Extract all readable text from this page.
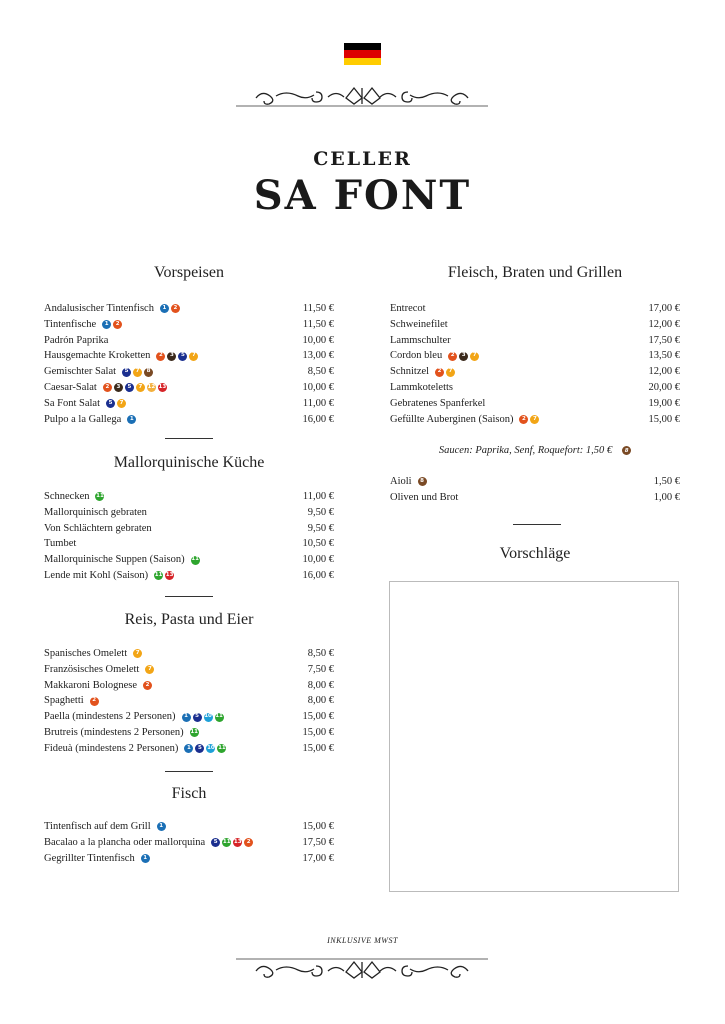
CELLER
SA FONT
Vorspeisen
Andalusischer Tintenfisch	1	2	11,50 €
Tintenfische	1	2	11,50 €
Padrón Paprika	10,00 €
Hausgemachte Kroketten	2	3	5	7	13,00 €
Gemischter Salat	5	7	8	8,50 €
Caesar-Salat	2	3	5	7 12 13	10,00 €
Sa Font Salat	5	7	11,00 €
Pulpo a la Gallega	1	16,00 €
Mallorquinische Küche
Schnecken 11	11,00 €
Mallorquinisch gebraten	9,50 €
Von Schlächtern gebraten	9,50 €
Tumbet	10,50 €
Mallorquinische Suppen (Saison) 11	10,00 €
Lende mit Kohl (Saison) 11 13	16,00 €
Reis, Pasta und Eier
Spanisches Omelett	7	8,50 €
Französisches Omelett	7	7,50 €
Makkaroni Bolognese	2	8,00 €
Spaghetti	2	8,00 €
Paella (mindestens 2 Personen)	1	5 10 11	15,00 €
Brutreis (mindestens 2 Personen) 11	15,00 €
Fideuà (mindestens 2 Personen)	1	5 10 11	15,00 €
Fisch
Tintenfisch auf dem Grill	1	15,00 €
Bacalao a la plancha oder mallorquina	5 11 13 2	17,50 €
Gegrillter Tintenfisch	1	17,00 €
Fleisch, Braten und Grillen
Entrecot	17,00 €
Schweinefilet	12,00 €
Lammschulter	17,50 €
Cordon bleu	2	3	7	13,50 €
Schnitzel	2	7	12,00 €
Lammkoteletts	20,00 €
Gebratenes Spanferkel	19,00 €
Gefüllte Auberginen (Saison)	2	7	15,00 €
Saucen: Paprika, Senf, Roquefort: 1,50 €	8
Aioli	8	1,50 €
Oliven und Brot	1,00 €
Vorschläge
INKLUSIVE MWST
